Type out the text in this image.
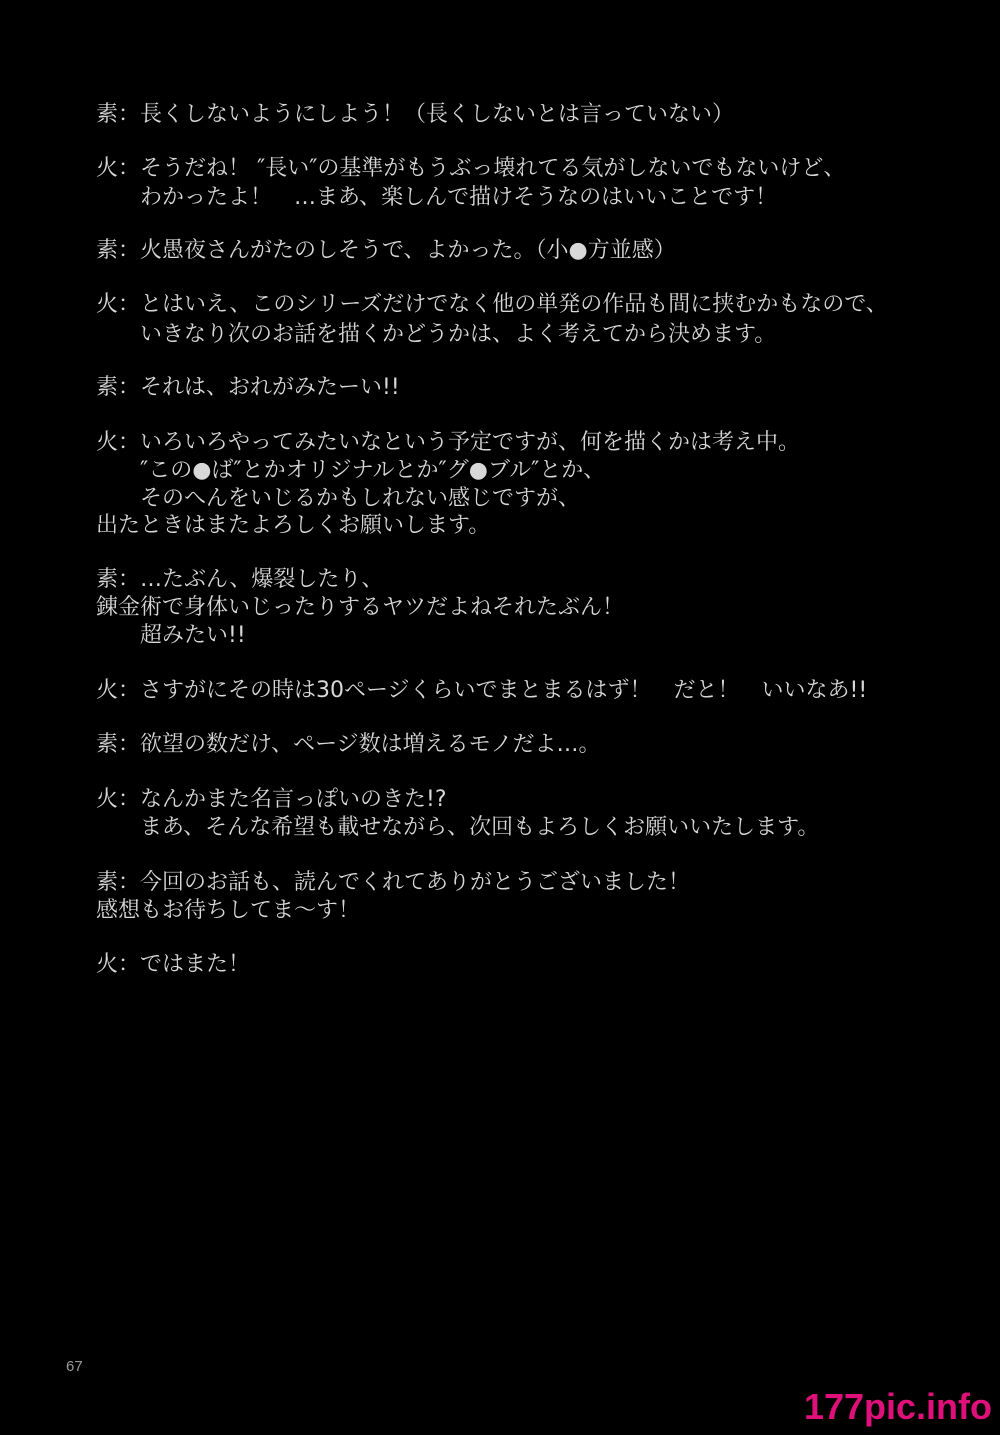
素：長くしないようにしよう！（長くしないとは言っていない）
火：そうだね！ ″長い″の基準がもうぶっ壊れてる気がしないでもないけど、
　　わかったよ！　…まあ、楽しんで描けそうなのはいいことです！
素：火愚夜さんがたのしそうで、よかった。（小●方並感）
火：とはいえ、このシリーズだけでなく他の単発の作品も間に挟むかもなので、
　　いきなり次のお話を描くかどうかは、よく考えてから決めます。
素：それは、おれがみたーい!!
火：いろいろやってみたいなという予定ですが、何を描くかは考え中。
　　″この●ば″とかオリジナルとか″グ●ブル″とか、
　　そのへんをいじるかもしれない感じですが、
出たときはまたよろしくお願いします。
素：…たぶん、爆裂したり、
錬金術で身体いじったりするヤツだよねそれたぶん！
　　超みたい!!
火：さすがにその時は30ページくらいでまとまるはず！　だと！　いいなあ!!
素：欲望の数だけ、ページ数は増えるモノだよ…。
火：なんかまた名言っぽいのきた!?
　　まあ、そんな希望も載せながら、次回もよろしくお願いいたします。
素：今回のお話も、読んでくれてありがとうございました！
感想もお待ちしてま～す！
火：ではまた！
67
177pic.info
